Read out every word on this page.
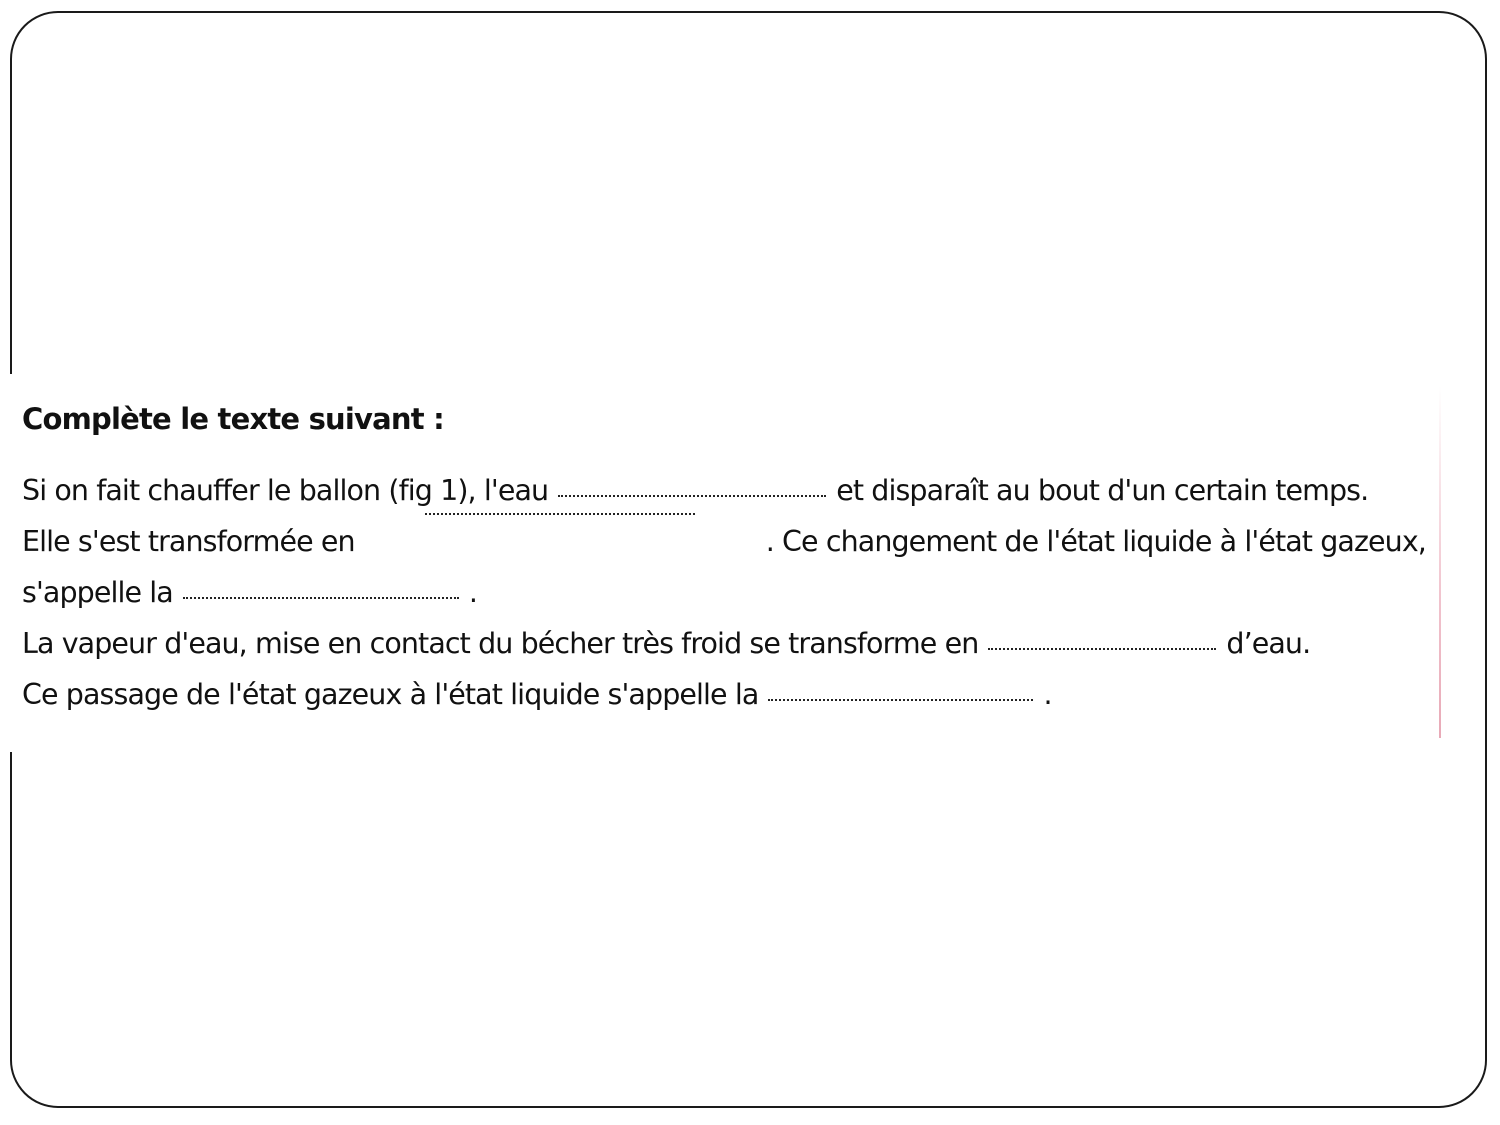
Complète le texte suivant :
Si on fait chauffer le ballon (fig 1), l'eau	et disparaît au bout d'un certain temps.
Elle s'est transformée en	. Ce changement de l'état liquide à l'état gazeux,
s'appelle la	.
La vapeur d'eau, mise en contact du bécher très froid se transforme en	d’eau.
Ce passage de l'état gazeux à l'état liquide s'appelle la	.
